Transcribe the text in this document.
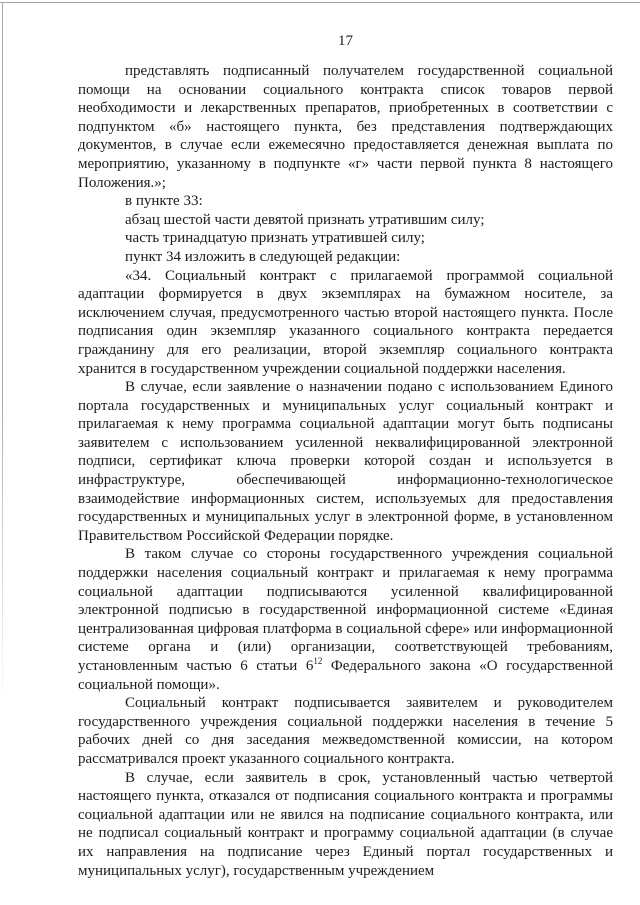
17

представлять подписанный получателем государственной социальной помощи на основании социального контракта список товаров первой необходимости и лекарственных препаратов, приобретенных в соответствии с подпунктом «б» настоящего пункта, без представления подтверждающих документов, в случае если ежемесячно предоставляется денежная выплата по мероприятию, указанному в подпункте «г» части первой пункта 8 настоящего Положения.»;

в пункте 33:

абзац шестой части девятой признать утратившим силу;

часть тринадцатую признать утратившей силу;

пункт 34 изложить в следующей редакции:

«34. Социальный контракт с прилагаемой программой социальной адаптации формируется в двух экземплярах на бумажном носителе, за исключением случая, предусмотренного частью второй настоящего пункта. После подписания один экземпляр указанного социального контракта передается гражданину для его реализации, второй экземпляр социального контракта хранится в государственном учреждении социальной поддержки населения.

В случае, если заявление о назначении подано с использованием Единого портала государственных и муниципальных услуг социальный контракт и прилагаемая к нему программа социальной адаптации могут быть подписаны заявителем с использованием усиленной неквалифицированной электронной подписи, сертификат ключа проверки которой создан и используется в инфраструктуре, обеспечивающей информационно-технологическое взаимодействие информационных систем, используемых для предоставления государственных и муниципальных услуг в электронной форме, в установленном Правительством Российской Федерации порядке.

В таком случае со стороны государственного учреждения социальной поддержки населения социальный контракт и прилагаемая к нему программа социальной адаптации подписываются усиленной квалифицированной электронной подписью в государственной информационной системе «Единая централизованная цифровая платформа в социальной сфере» или информационной системе органа и (или) организации, соответствующей требованиям, установленным частью 6 статьи $6^{12}$ Федерального закона «О государственной социальной помощи».

Социальный контракт подписывается заявителем и руководителем государственного учреждения социальной поддержки населения в течение 5 рабочих дней со дня заседания межведомственной комиссии, на котором рассматривался проект указанного социального контракта.

В случае, если заявитель в срок, установленный частью четвертой настоящего пункта, отказался от подписания социального контракта и программы социальной адаптации или не явился на подписание социального контракта, или не подписал социальный контракт и программу социальной адаптации (в случае их направления на подписание через Единый портал государственных и муниципальных услуг), государственным учреждением
